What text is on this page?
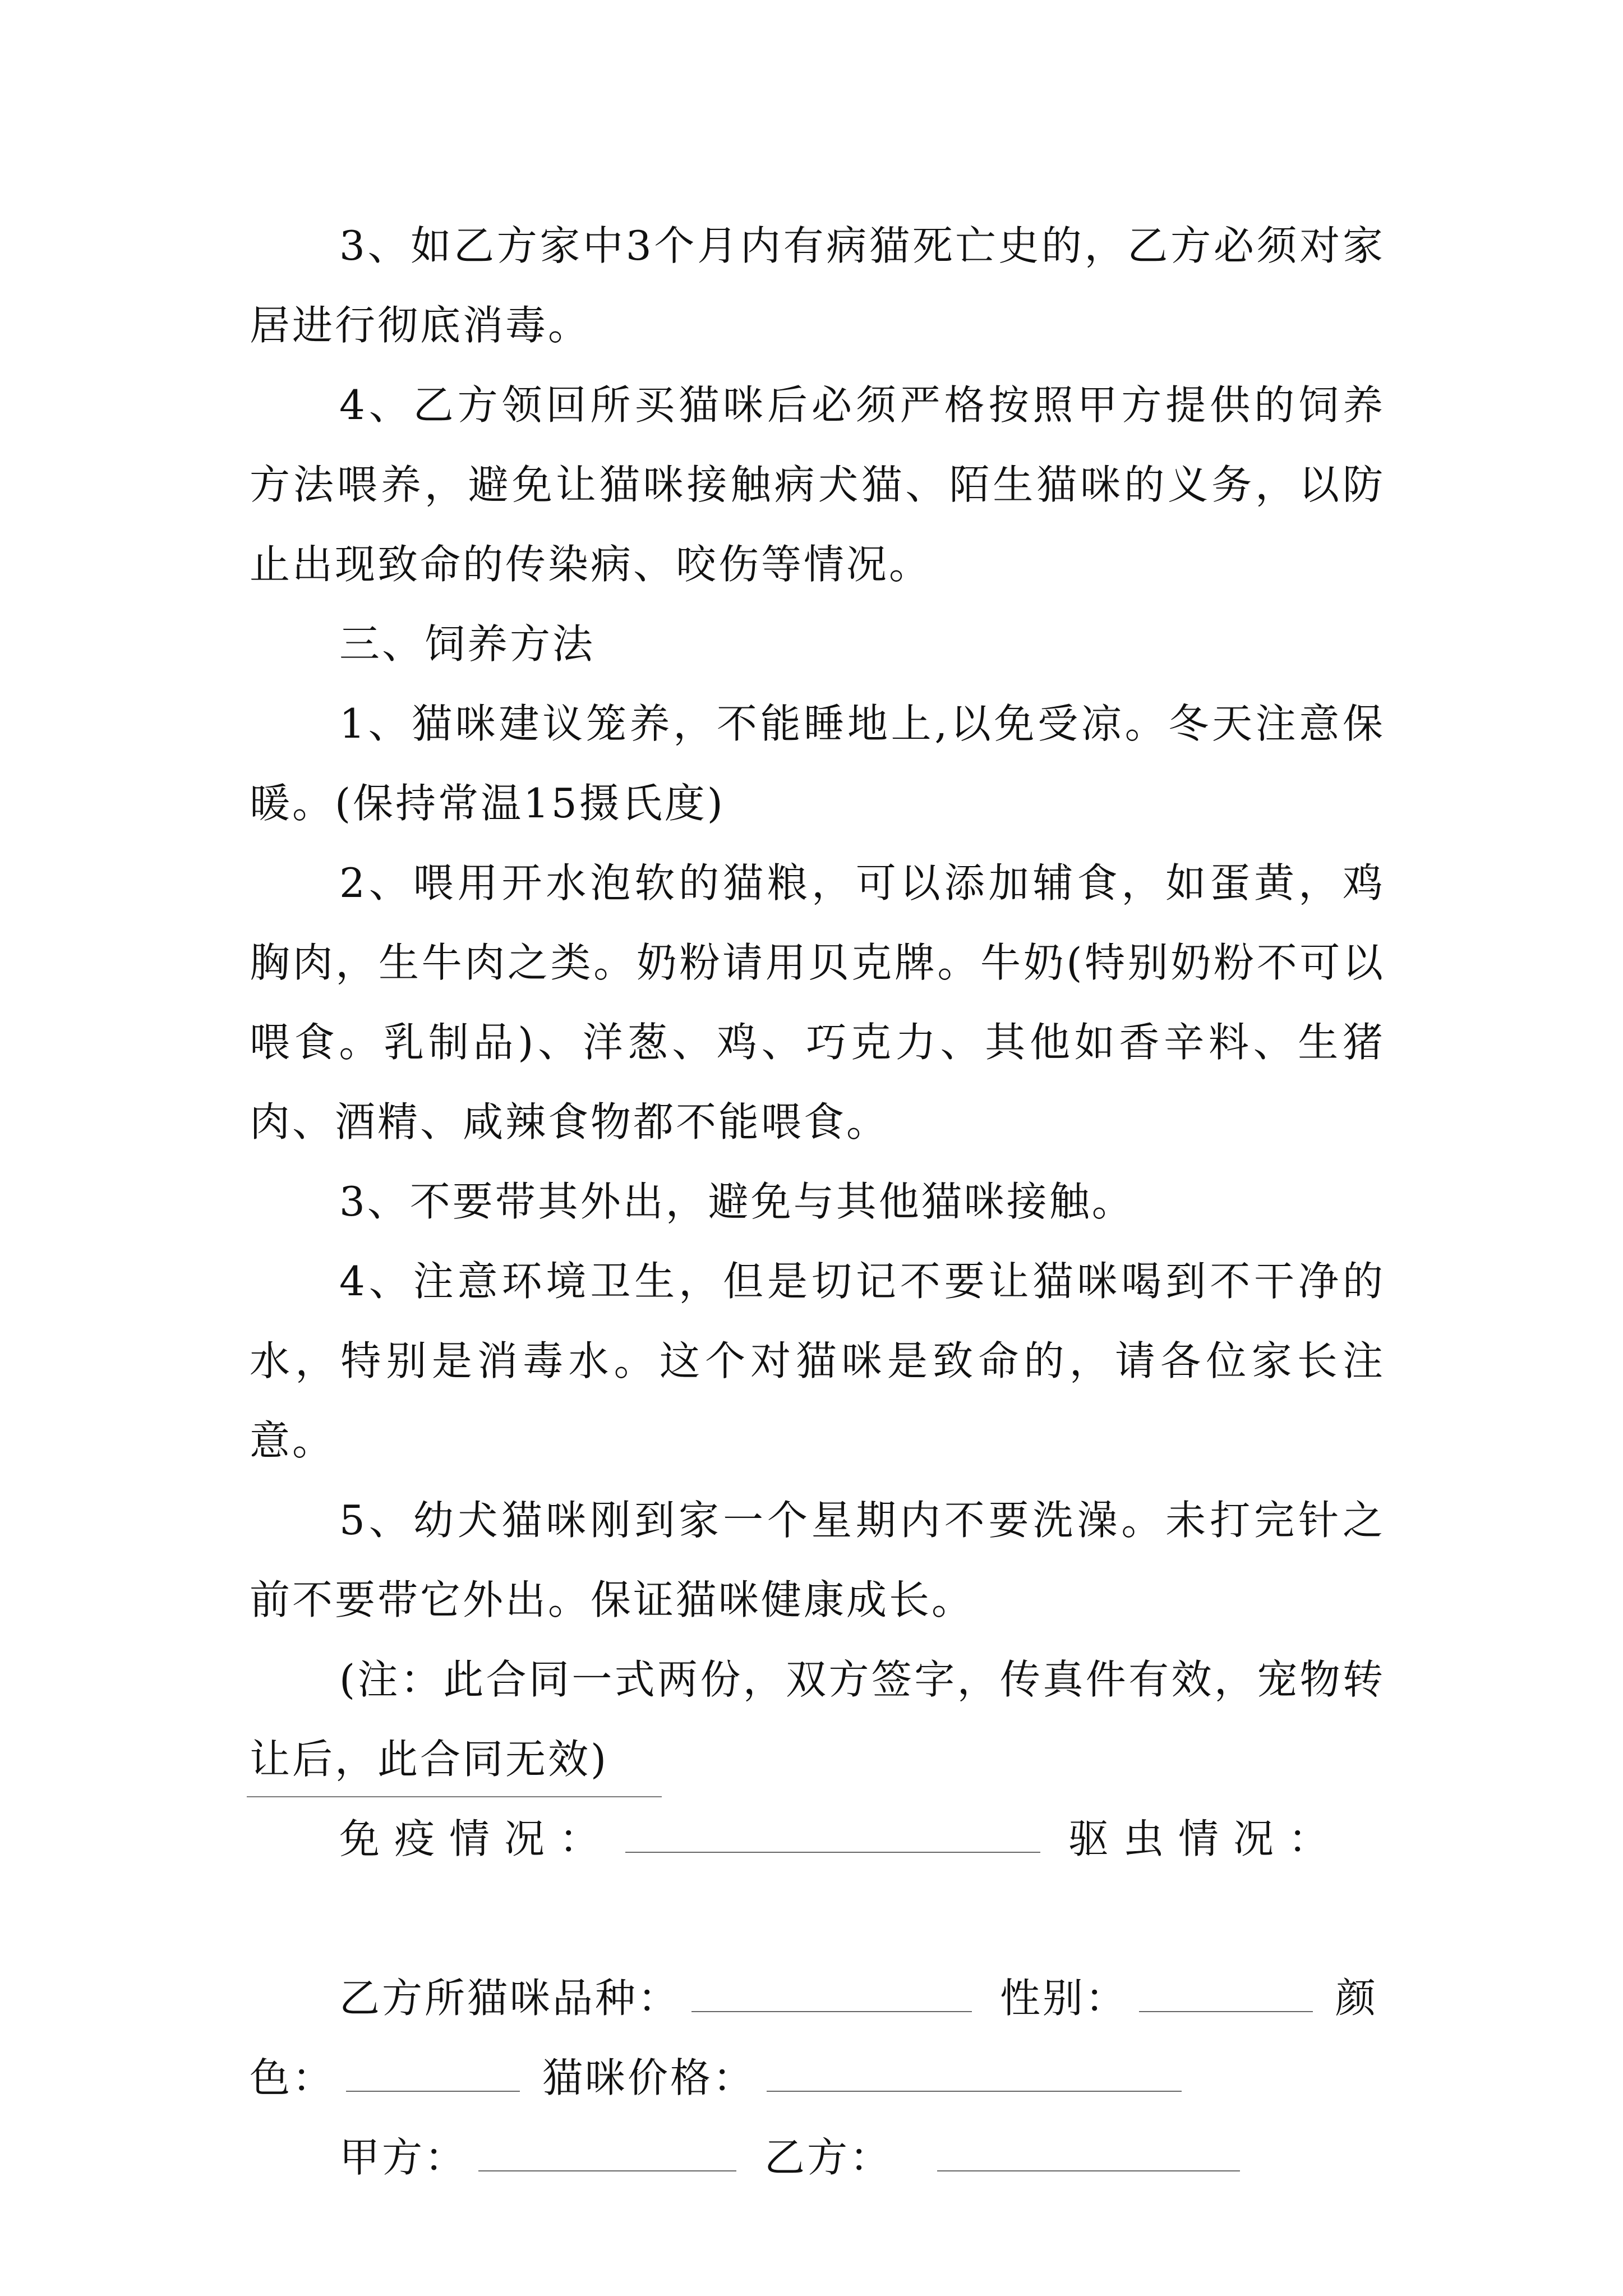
3、如乙方家中3个月内有病猫死亡史的，乙方必须对家居进行彻底消毒。

4、乙方领回所买猫咪后必须严格按照甲方提供的饲养方法喂养，避免让猫咪接触病犬猫、陌生猫咪的义务，以防止出现致命的传染病、咬伤等情况。

三、饲养方法

1、猫咪建议笼养，不能睡地上,以免受凉。冬天注意保暖。(保持常温15摄氏度)

2、喂用开水泡软的猫粮，可以添加辅食，如蛋黄，鸡胸肉，生牛肉之类。奶粉请用贝克牌。牛奶(特别奶粉不可以喂食。乳制品)、洋葱、鸡、巧克力、其他如香辛料、生猪肉、酒精、咸辣食物都不能喂食。

3、不要带其外出，避免与其他猫咪接触。

4、注意环境卫生，但是切记不要让猫咪喝到不干净的水，特别是消毒水。这个对猫咪是致命的，请各位家长注意。

5、幼犬猫咪刚到家一个星期内不要洗澡。未打完针之前不要带它外出。保证猫咪健康成长。

(注：此合同一式两份，双方签字，传真件有效，宠物转让后，此合同无效)

免疫情况：	驱虫情况：

乙方所猫咪品种：	性别：	颜

色：	猫咪价格：

甲方：	乙方：
